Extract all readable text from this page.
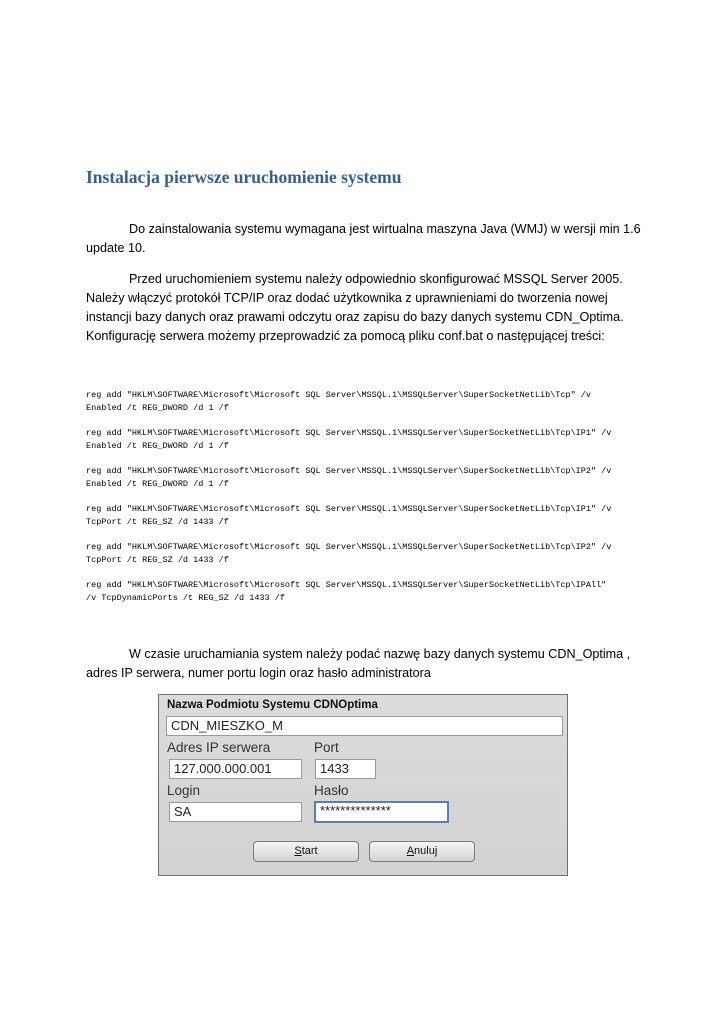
Instalacja pierwsze uruchomienie systemu

Do zainstalowania systemu wymagana jest wirtualna maszyna Java (WMJ) w wersji min 1.6
update 10.

Przed uruchomieniem systemu należy odpowiednio skonfigurować MSSQL Server 2005.
Należy włączyć protokół TCP/IP oraz dodać użytkownika z uprawnieniami do tworzenia nowej
instancji bazy danych oraz prawami odczytu oraz zapisu do bazy danych systemu CDN_Optima.
Konfigurację serwera możemy przeprowadzić za pomocą pliku conf.bat o następującej treści:

reg add "HKLM\SOFTWARE\Microsoft\Microsoft SQL Server\MSSQL.1\MSSQLServer\SuperSocketNetLib\Tcp" /v
Enabled /t REG_DWORD /d 1 /f
reg add "HKLM\SOFTWARE\Microsoft\Microsoft SQL Server\MSSQL.1\MSSQLServer\SuperSocketNetLib\Tcp\IP1" /v
Enabled /t REG_DWORD /d 1 /f
reg add "HKLM\SOFTWARE\Microsoft\Microsoft SQL Server\MSSQL.1\MSSQLServer\SuperSocketNetLib\Tcp\IP2" /v
Enabled /t REG_DWORD /d 1 /f
reg add "HKLM\SOFTWARE\Microsoft\Microsoft SQL Server\MSSQL.1\MSSQLServer\SuperSocketNetLib\Tcp\IP1" /v
TcpPort /t REG_SZ /d 1433 /f
reg add "HKLM\SOFTWARE\Microsoft\Microsoft SQL Server\MSSQL.1\MSSQLServer\SuperSocketNetLib\Tcp\IP2" /v
TcpPort /t REG_SZ /d 1433 /f
reg add "HKLM\SOFTWARE\Microsoft\Microsoft SQL Server\MSSQL.1\MSSQLServer\SuperSocketNetLib\Tcp\IPAll"
/v TcpDynamicPorts /t REG_SZ /d 1433 /f

W czasie uruchamiania system należy podać nazwę bazy danych systemu CDN_Optima ,
adres IP serwera, numer portu login oraz hasło administratora

Nazwa Podmiotu Systemu CDNOptima
CDN_MIESZKO_M
Adres IP serwera	Port
127.000.000.001	1433
Login	Hasło
SA	**************
Start	Anuluj
